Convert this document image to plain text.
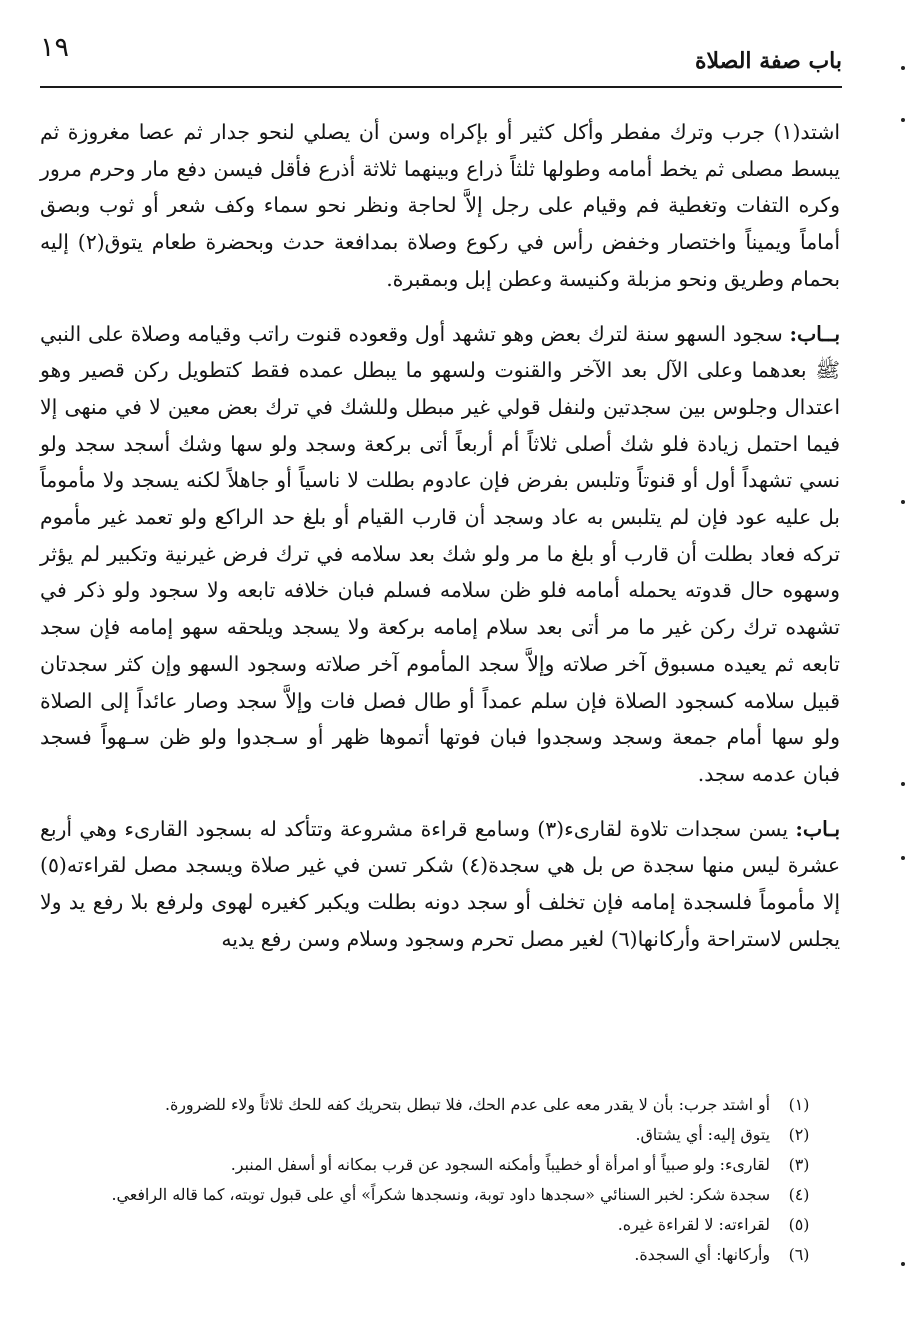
باب صفة الصلاة
١٩

اشتد(١) جرب وترك مفطر وأكل كثير أو بإكراه وسن أن يصلي لنحو جدار ثم عصا مغروزة ثم يبسط مصلى ثم يخط أمامه وطولها ثلثاً ذراع وبينهما ثلاثة أذرع فأقل فيسن دفع مار وحرم مرور وكره التفات وتغطية فم وقيام على رجل إلاَّ لحاجة ونظر نحو سماء وكف شعر أو ثوب وبصق أماماً ويميناً واختصار وخفض رأس في ركوع وصلاة بمدافعة حدث وبحضرة طعام يتوق(٢) إليه بحمام وطريق ونحو مزبلة وكنيسة وعطن إبل وبمقبرة.

بــاب: سجود السهو سنة لترك بعض وهو تشهد أول وقعوده قنوت راتب وقيامه وصلاة على النبي ﷺ بعدهما وعلى الآل بعد الآخر والقنوت ولسهو ما يبطل عمده فقط كتطويل ركن قصير وهو اعتدال وجلوس بين سجدتين ولنفل قولي غير مبطل وللشك في ترك بعض معين لا في منهى إلا فيما احتمل زيادة فلو شك أصلى ثلاثاً أم أربعاً أتى بركعة وسجد ولو سها وشك أسجد سجد ولو نسي تشهداً أول أو قنوتاً وتلبس بفرض فإن عادوم بطلت لا ناسياً أو جاهلاً لكنه يسجد ولا مأموماً بل عليه عود فإن لم يتلبس به عاد وسجد أن قارب القيام أو بلغ حد الراكع ولو تعمد غير مأموم تركه فعاد بطلت أن قارب أو بلغ ما مر ولو شك بعد سلامه في ترك فرض غيرنية وتكبير لم يؤثر وسهوه حال قدوته يحمله أمامه فلو ظن سلامه فسلم فبان خلافه تابعه ولا سجود ولو ذكر في تشهده ترك ركن غير ما مر أتى بعد سلام إمامه بركعة ولا يسجد ويلحقه سهو إمامه فإن سجد تابعه ثم يعيده مسبوق آخر صلاته وإلاَّ سجد المأموم آخر صلاته وسجود السهو وإن كثر سجدتان قبيل سلامه كسجود الصلاة فإن سلم عمداً أو طال فصل فات وإلاَّ سجد وصار عائداً إلى الصلاة ولو سها أمام جمعة وسجد وسجدوا فبان فوتها أتموها ظهر أو سـجدوا ولو ظن سـهواً فسجد فبان عدمه سجد.

بـاب: يسن سجدات تلاوة لقارىء(٣) وسامع قراءة مشروعة وتتأكد له بسجود القارىء وهي أربع عشرة ليس منها سجدة ص بل هي سجدة(٤) شكر تسن في غير صلاة ويسجد مصل لقراءته(٥) إلا مأموماً فلسجدة إمامه فإن تخلف أو سجد دونه بطلت ويكبر كغيره لهوى ولرفع بلا رفع يد ولا يجلس لاستراحة وأركانها(٦) لغير مصل تحرم وسجود وسلام وسن رفع يديه

(١)
أو اشتد جرب: بأن لا يقدر معه على عدم الحك، فلا تبطل بتحريك كفه للحك ثلاثاً ولاء للضرورة.
(٢)
يتوق إليه: أي يشتاق.
(٣)
لقارىء: ولو صبياً أو امرأة أو خطيباً وأمكنه السجود عن قرب بمكانه أو أسفل المنبر.
(٤)
سجدة شكر: لخبر السنائي «سجدها داود توبة، ونسجدها شكراً» أي على قبول توبته، كما قاله الرافعي.
(٥)
لقراءته: لا لقراءة غيره.
(٦)
وأركانها: أي السجدة.
